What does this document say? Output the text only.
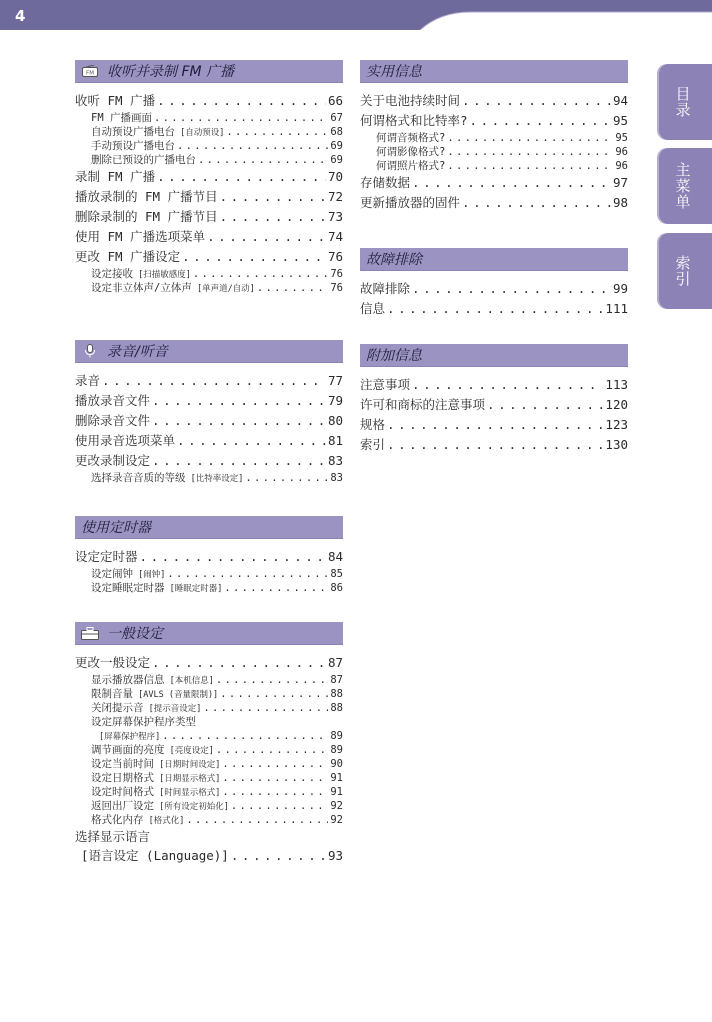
4
目录
主菜单
索引
FM 收听并录制 FM 广播
收听 FM 广播 . . .	66
FM 广播画面 . . .	67
自动预设广播电台 [自动预设] . . .	68
手动预设广播电台 . . .	69
删除已预设的广播电台 . . .	69
录制 FM 广播 . . .	70
播放录制的 FM 广播节目 . . .	72
删除录制的 FM 广播节目 . . .	73
使用 FM 广播选项菜单 . . .	74
更改 FM 广播设定 . . .	76
设定接收 [扫描敏感度] . . .	76
设定非立体声/立体声 [单声道/自动] . . .	76
录音/听音
录音 . . .	77
播放录音文件 . . .	79
删除录音文件 . . .	80
使用录音选项菜单 . . .	81
更改录制设定 . . .	83
选择录音音质的等级 [比特率设定] . . .	83
使用定时器
设定定时器 . . .	84
设定闹钟 [闹钟] . . .	85
设定睡眠定时器 [睡眠定时器] . . .	86
一般设定
更改一般设定 . . .	87
显示播放器信息 [本机信息] . . .	87
限制音量 [AVLS (音量限制)] . . .	88
关闭提示音 [提示音设定] . . .	88
设定屏幕保护程序类型
[屏幕保护程序] . . .	89
调节画面的亮度 [亮度设定] . . .	89
设定当前时间 [日期时间设定] . . .	90
设定日期格式 [日期显示格式] . . .	91
设定时间格式 [时间显示格式] . . .	91
返回出厂设定 [所有设定初始化] . . .	92
格式化内存 [格式化] . . .	92
选择显示语言
[语言设定 (Language)] . . .	93
实用信息
关于电池持续时间 . . .	94
何谓格式和比特率? . . .	95
何谓音频格式? . . .	95
何谓影像格式? . . .	96
何谓照片格式? . . .	96
存储数据 . . .	97
更新播放器的固件 . . .	98
故障排除
故障排除 . . .	99
信息 . . .	111
附加信息
注意事项 . . .	113
许可和商标的注意事项 . . .	120
规格 . . .	123
索引 . . .	130
